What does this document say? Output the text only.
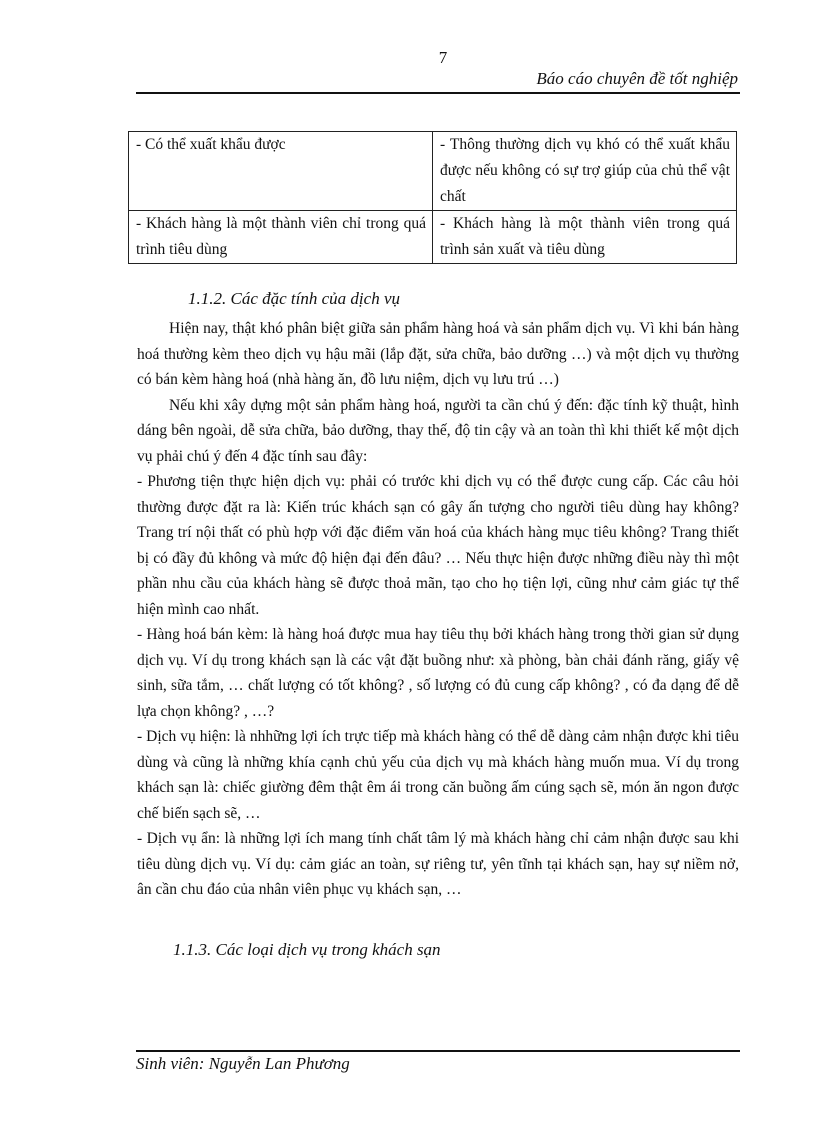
7
Báo cáo chuyên đề tốt nghiệp
- Có thể xuất khẩu được	- Thông thường dịch vụ khó có thể xuất khẩu được nếu không có sự trợ giúp của chủ thể vật chất
- Khách hàng là một thành viên chỉ trong quá trình tiêu dùng	- Khách hàng là một thành viên trong quá trình sản xuất và tiêu dùng
1.1.2. Các đặc tính của dịch vụ

Hiện nay, thật khó phân biệt giữa sản phẩm hàng hoá và sản phẩm dịch vụ. Vì khi bán hàng hoá thường kèm theo dịch vụ hậu mãi (lắp đặt, sửa chữa, bảo dưỡng …) và một dịch vụ thường có bán kèm hàng hoá (nhà hàng ăn, đồ lưu niệm, dịch vụ lưu trú …)

Nếu khi xây dựng một sản phẩm hàng hoá, người ta cần chú ý đến: đặc tính kỹ thuật, hình dáng bên ngoài, dễ sửa chữa, bảo dưỡng, thay thế, độ tin cậy và an toàn thì khi thiết kế một dịch vụ phải chú ý đến 4 đặc tính sau đây:

- Phương tiện thực hiện dịch vụ: phải có trước khi dịch vụ có thể được cung cấp. Các câu hỏi thường được đặt ra là: Kiến trúc khách sạn có gây ấn tượng cho người tiêu dùng hay không? Trang trí nội thất có phù hợp với đặc điểm văn hoá của khách hàng mục tiêu không? Trang thiết bị có đầy đủ không và mức độ hiện đại đến đâu? … Nếu thực hiện được những điều này thì một phần nhu cầu của khách hàng sẽ được thoả mãn, tạo cho họ tiện lợi, cũng như cảm giác tự thể hiện mình cao nhất.

- Hàng hoá bán kèm: là hàng hoá được mua hay tiêu thụ bởi khách hàng trong thời gian sử dụng dịch vụ. Ví dụ trong khách sạn là các vật đặt buồng như: xà phòng, bàn chải đánh răng, giấy vệ sinh, sữa tắm, … chất lượng có tốt không? , số lượng có đủ cung cấp không? , có đa dạng để dễ lựa chọn không? , …?

- Dịch vụ hiện: là nhhững lợi ích trực tiếp mà khách hàng có thể dễ dàng cảm nhận được khi tiêu dùng và cũng là những khía cạnh chủ yếu của dịch vụ mà khách hàng muốn mua. Ví dụ trong khách sạn là: chiếc giường đêm thật êm ái trong căn buồng ấm cúng sạch sẽ, món ăn ngon được chế biến sạch sẽ, …

- Dịch vụ ẩn: là những lợi ích mang tính chất tâm lý mà khách hàng chỉ cảm nhận được sau khi tiêu dùng dịch vụ. Ví dụ: cảm giác an toàn, sự riêng tư, yên tĩnh tại khách sạn, hay sự niềm nở, ân cần chu đáo của nhân viên phục vụ khách sạn, …

1.1.3. Các loại dịch vụ trong khách sạn
Sinh viên: Nguyễn Lan Phương
